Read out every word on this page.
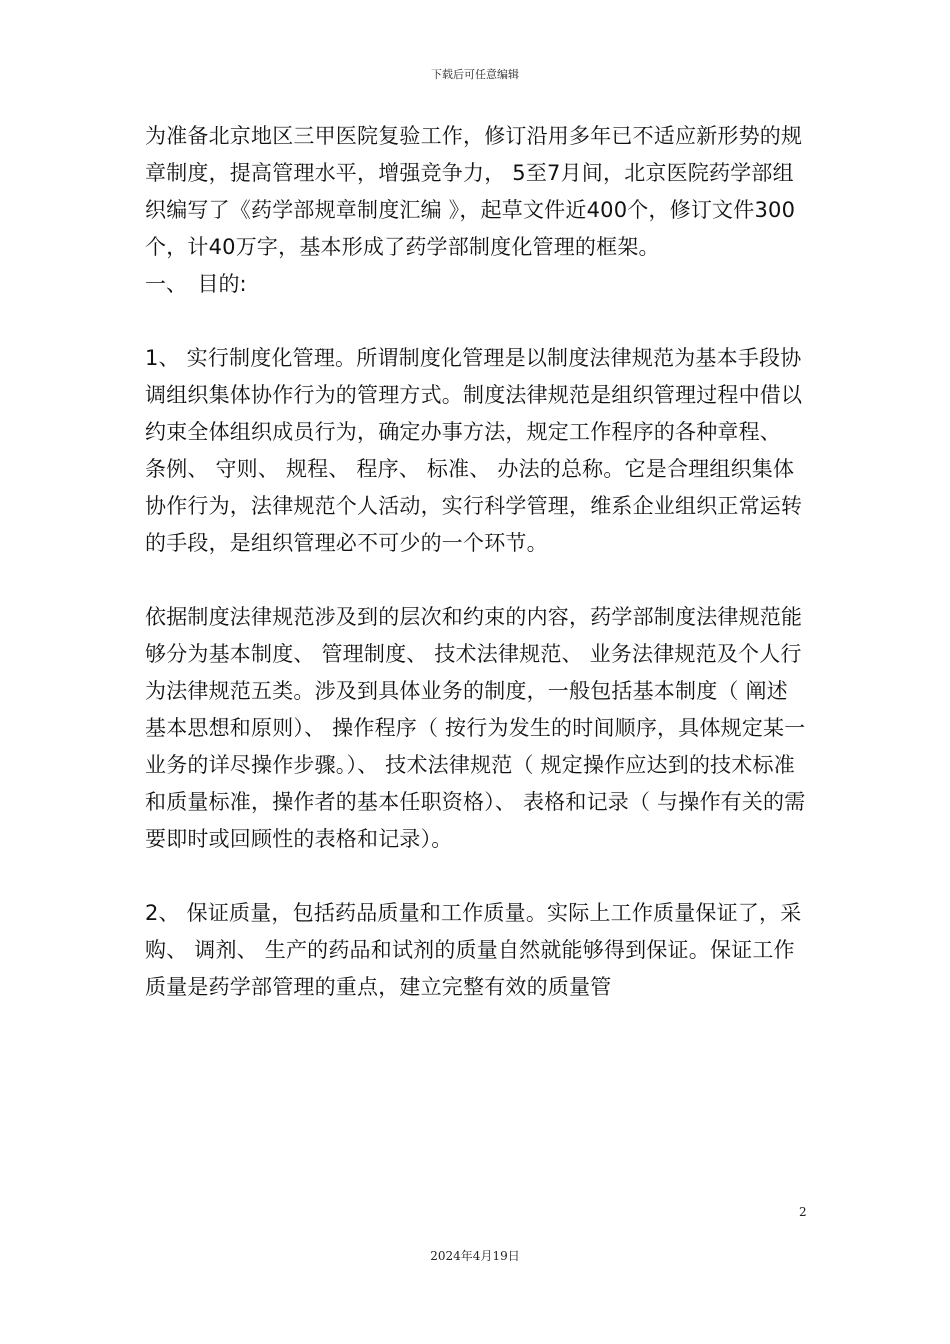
下载后可任意编辑

为准备北京地区三甲医院复验工作，修订沿用多年已不适应新形势的规章制度，提高管理水平，增强竞争力， 5至7月间，北京医院药学部组织编写了《药学部规章制度汇编 》，起草文件近400个，修订文件300个，计40万字，基本形成了药学部制度化管理的框架。

一、　目的:

1、 实行制度化管理。所谓制度化管理是以制度法律规范为基本手段协调组织集体协作行为的管理方式。制度法律规范是组织管理过程中借以约束全体组织成员行为，确定办事方法，规定工作程序的各种章程、 条例、 守则、 规程、 程序、 标准、 办法的总称。它是合理组织集体协作行为，法律规范个人活动，实行科学管理，维系企业组织正常运转的手段，是组织管理必不可少的一个环节。

依据制度法律规范涉及到的层次和约束的内容，药学部制度法律规范能够分为基本制度、 管理制度、 技术法律规范、 业务法律规范及个人行为法律规范五类。涉及到具体业务的制度，一般包括基本制度（ 阐述基本思想和原则）、 操作程序（ 按行为发生的时间顺序，具体规定某一业务的详尽操作步骤。）、 技术法律规范（ 规定操作应达到的技术标准和质量标准，操作者的基本任职资格）、 表格和记录（ 与操作有关的需要即时或回顾性的表格和记录）。

2、 保证质量，包括药品质量和工作质量。实际上工作质量保证了，采购、 调剂、 生产的药品和试剂的质量自然就能够得到保证。保证工作质量是药学部管理的重点，建立完整有效的质量管

2
2024年4月19日
